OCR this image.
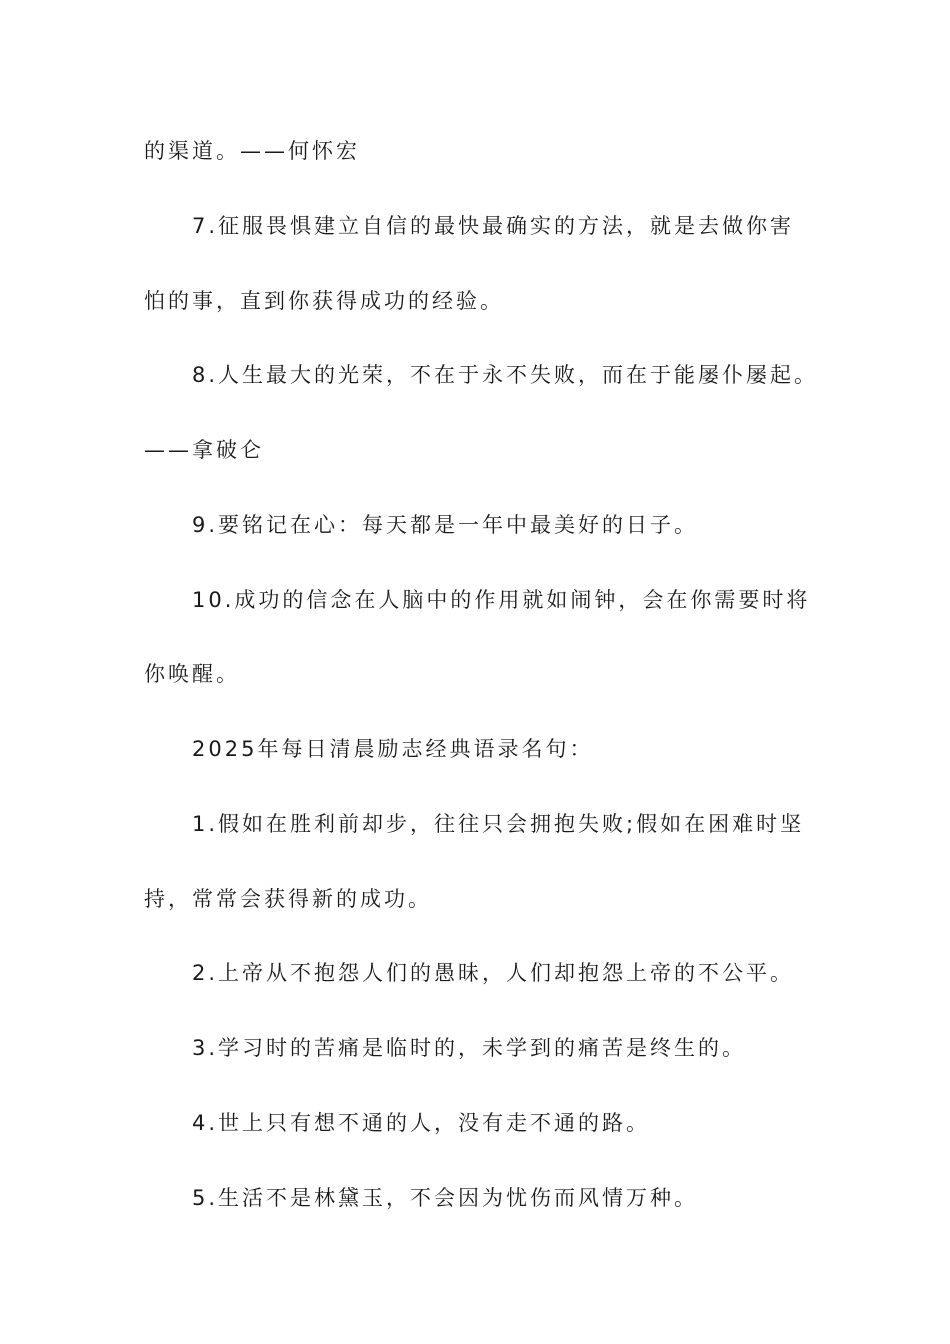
的渠道。——何怀宏
7.征服畏惧建立自信的最快最确实的方法，就是去做你害
怕的事，直到你获得成功的经验。
8.人生最大的光荣，不在于永不失败，而在于能屡仆屡起。
——拿破仑
9.要铭记在心：每天都是一年中最美好的日子。
10.成功的信念在人脑中的作用就如闹钟，会在你需要时将
你唤醒。
2025年每日清晨励志经典语录名句：
1.假如在胜利前却步，往往只会拥抱失败;假如在困难时坚
持，常常会获得新的成功。
2.上帝从不抱怨人们的愚昧，人们却抱怨上帝的不公平。
3.学习时的苦痛是临时的，未学到的痛苦是终生的。
4.世上只有想不通的人，没有走不通的路。
5.生活不是林黛玉，不会因为忧伤而风情万种。
